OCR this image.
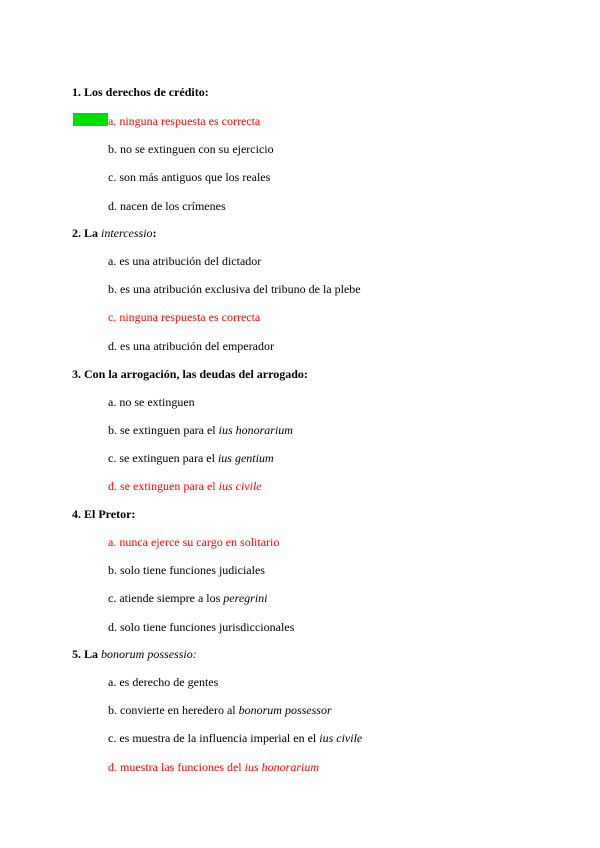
1. Los derechos de crédito:
a. ninguna respuesta es correcta
b. no se extinguen con su ejercicio
c. son más antiguos que los reales
d. nacen de los crímenes
2. La intercessio:
a. es una atribución del dictador
b. es una atribución exclusiva del tribuno de la plebe
c. ninguna respuesta es correcta
d. es una atribución del emperador
3. Con la arrogación, las deudas del arrogado:
a. no se extinguen
b. se extinguen para el ius honorarium
c. se extinguen para el ius gentium
d. se extinguen para el ius civile
4. El Pretor:
a. nunca ejerce su cargo en solitario
b. solo tiene funciones judiciales
c. atiende siempre a los peregrini
d. solo tiene funciones jurisdiccionales
5. La bonorum possessio:
a. es derecho de gentes
b. convierte en heredero al bonorum possessor
c. es muestra de la influencia imperial en el ius civile
d. muestra las funciones del ius honorarium
